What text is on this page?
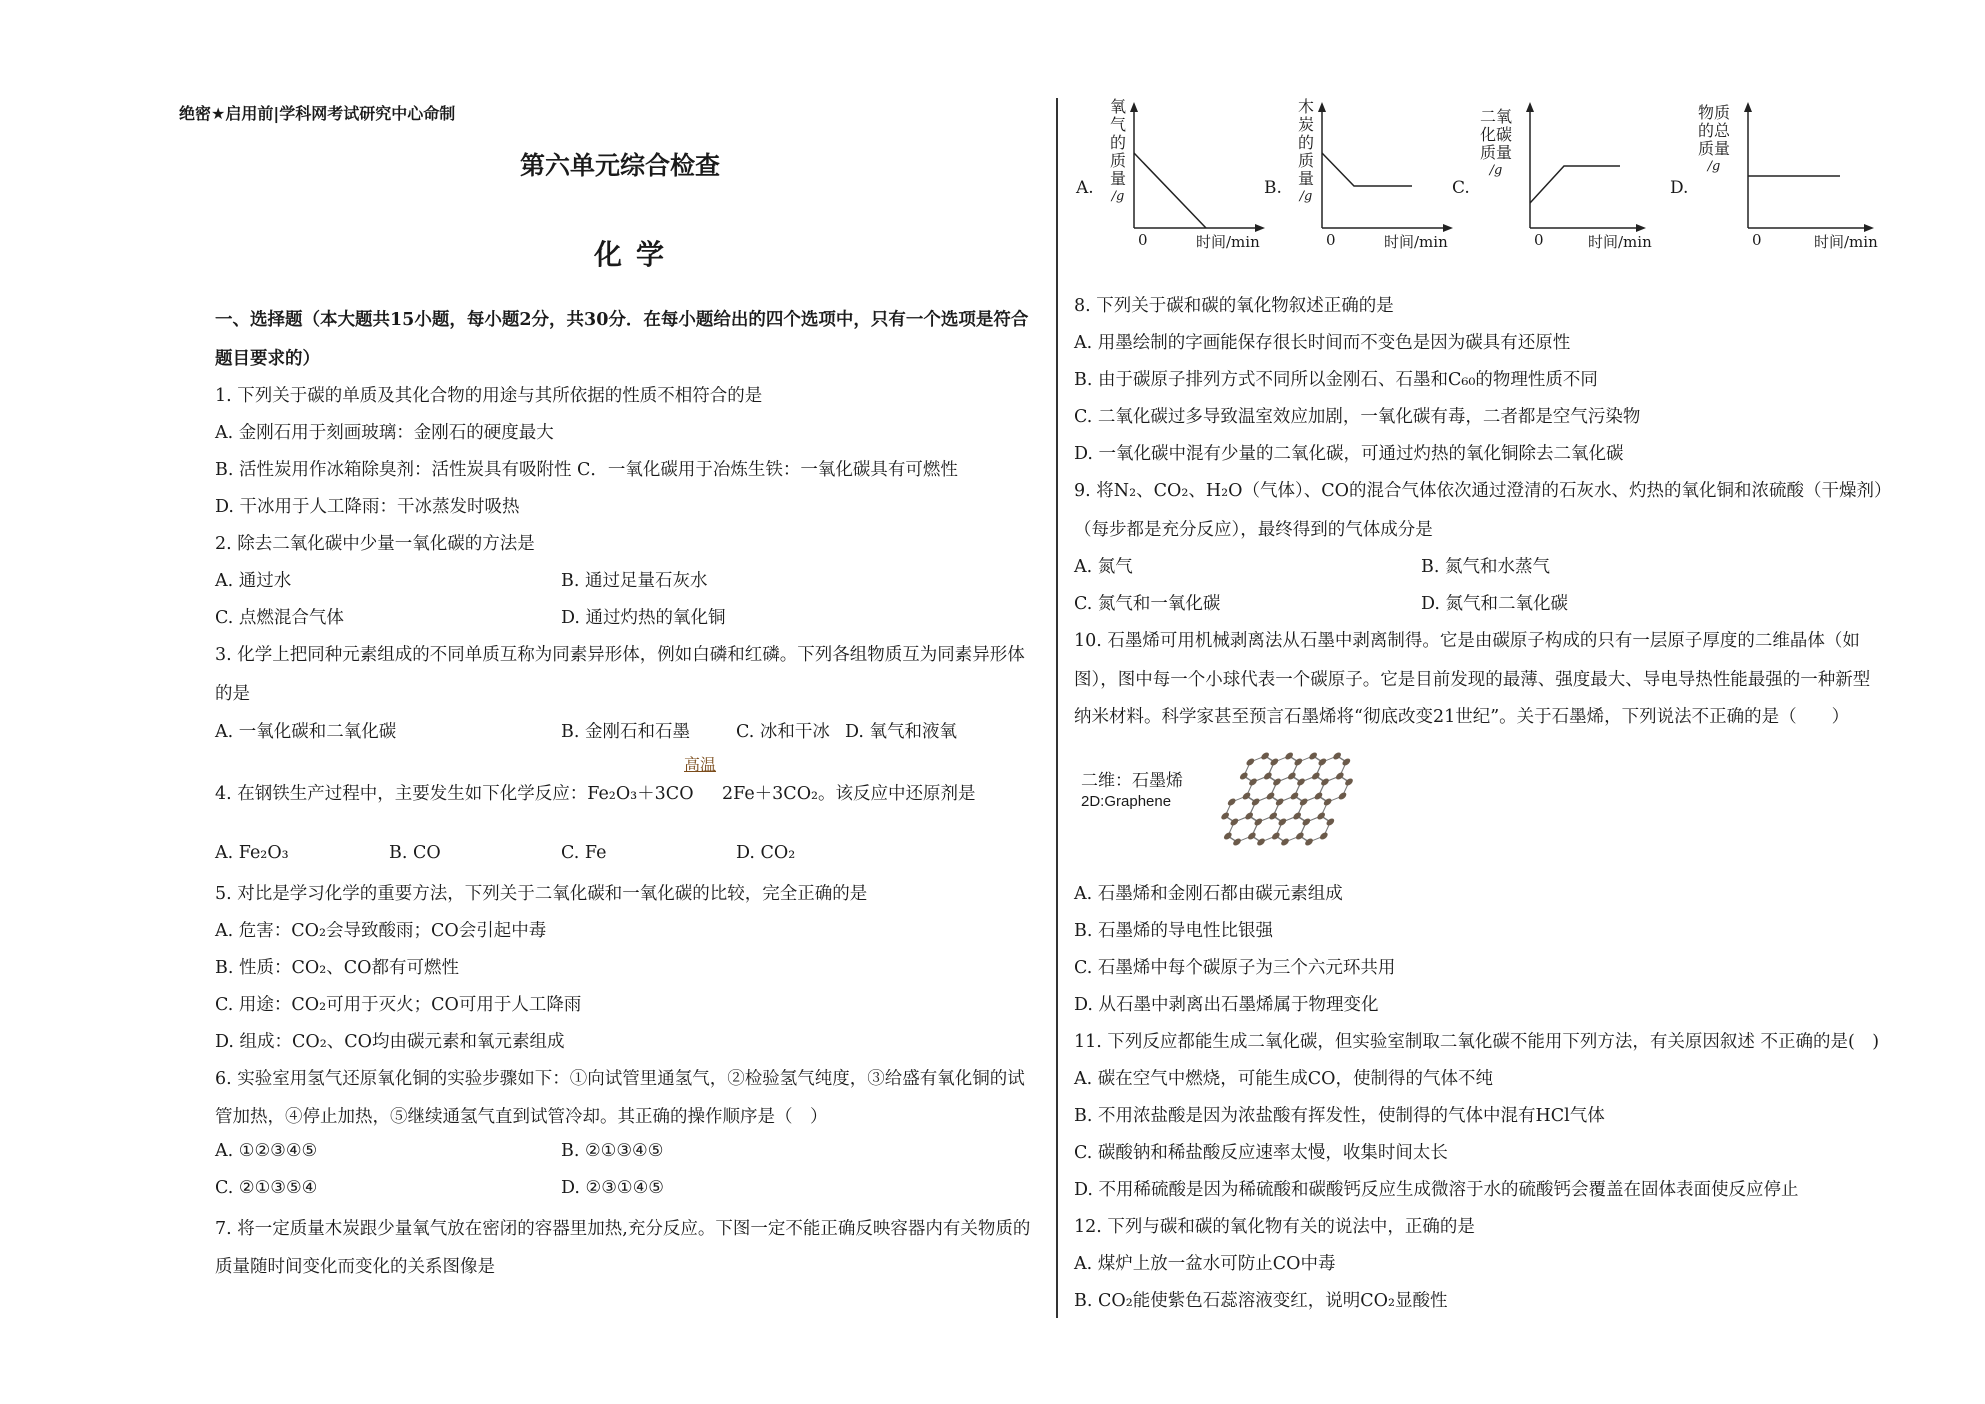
绝密★启用前|学科网考试研究中心命制
第六单元综合检查
化学
一、选择题（本大题共15小题，每小题2分，共30分．在每小题给出的四个选项中，只有一个选项是符合
题目要求的）
1. 下列关于碳的单质及其化合物的用途与其所依据的性质不相符合的是
A. 金刚石用于刻画玻璃：金刚石的硬度最大
B. 活性炭用作冰箱除臭剂：活性炭具有吸附性 C．一氧化碳用于冶炼生铁：一氧化碳具有可燃性
D. 干冰用于人工降雨：干冰蒸发时吸热
2. 除去二氧化碳中少量一氧化碳的方法是
A. 通过水	B. 通过足量石灰水
C. 点燃混合气体	D. 通过灼热的氧化铜
3. 化学上把同种元素组成的不同单质互称为同素异形体，例如白磷和红磷。下列各组物质互为同素异形体
的是
A. 一氧化碳和二氧化碳	B. 金刚石和石墨	C. 冰和干冰 D. 氧气和液氧
4. 在钢铁生产过程中，主要发生如下化学反应：Fe₂O₃＋3CO
高温
2Fe＋3CO₂。该反应中还原剂是
A. Fe₂O₃	B. CO	C. Fe	D. CO₂
5. 对比是学习化学的重要方法，下列关于二氧化碳和一氧化碳的比较，完全正确的是
A. 危害：CO₂会导致酸雨；CO会引起中毒
B. 性质：CO₂、CO都有可燃性
C. 用途：CO₂可用于灭火；CO可用于人工降雨
D. 组成：CO₂、CO均由碳元素和氧元素组成
6. 实验室用氢气还原氧化铜的实验步骤如下：①向试管里通氢气，②检验氢气纯度，③给盛有氧化铜的试
管加热，④停止加热，⑤继续通氢气直到试管冷却。其正确的操作顺序是（　）
A. ①②③④⑤	B. ②①③④⑤
C. ②①③⑤④	D. ②③①④⑤
7. 将一定质量木炭跟少量氧气放在密闭的容器里加热,充分反应。下图一定不能正确反映容器内有关物质的
质量随时间变化而变化的关系图像是
A.
氧
气
的
质
量
/g
0	时间/min
B.
木
炭
的
质
量
/g
0	时间/min
C.
二氧
化碳
质量
/g
0	时间/min
D.
物质
的总
质量
/g
0	时间/min
8. 下列关于碳和碳的氧化物叙述正确的是
A. 用墨绘制的字画能保存很长时间而不变色是因为碳具有还原性
B. 由于碳原子排列方式不同所以金刚石、石墨和C₆₀的物理性质不同
C. 二氧化碳过多导致温室效应加剧，一氧化碳有毒，二者都是空气污染物
D. 一氧化碳中混有少量的二氧化碳，可通过灼热的氧化铜除去二氧化碳
9. 将N₂、CO₂、H₂O（气体）、CO的混合气体依次通过澄清的石灰水、灼热的氧化铜和浓硫酸（干燥剂）
（每步都是充分反应），最终得到的气体成分是
A. 氮气	B. 氮气和水蒸气
C. 氮气和一氧化碳	D. 氮气和二氧化碳
10. 石墨烯可用机械剥离法从石墨中剥离制得。它是由碳原子构成的只有一层原子厚度的二维晶体（如
图），图中每一个小球代表一个碳原子。它是目前发现的最薄、强度最大、导电导热性能最强的一种新型
纳米材料。科学家甚至预言石墨烯将“彻底改变21世纪”。关于石墨烯，下列说法不正确的是（　　）
二维：石墨烯
2D:Graphene
A. 石墨烯和金刚石都由碳元素组成
B. 石墨烯的导电性比银强
C. 石墨烯中每个碳原子为三个六元环共用
D. 从石墨中剥离出石墨烯属于物理变化
11. 下列反应都能生成二氧化碳，但实验室制取二氧化碳不能用下列方法，有关原因叙述 不正确的是(　)
A. 碳在空气中燃烧，可能生成CO，使制得的气体不纯
B. 不用浓盐酸是因为浓盐酸有挥发性，使制得的气体中混有HCl气体
C. 碳酸钠和稀盐酸反应速率太慢，收集时间太长
D. 不用稀硫酸是因为稀硫酸和碳酸钙反应生成微溶于水的硫酸钙会覆盖在固体表面使反应停止
12. 下列与碳和碳的氧化物有关的说法中，正确的是
A. 煤炉上放一盆水可防止CO中毒
B. CO₂能使紫色石蕊溶液变红，说明CO₂显酸性
